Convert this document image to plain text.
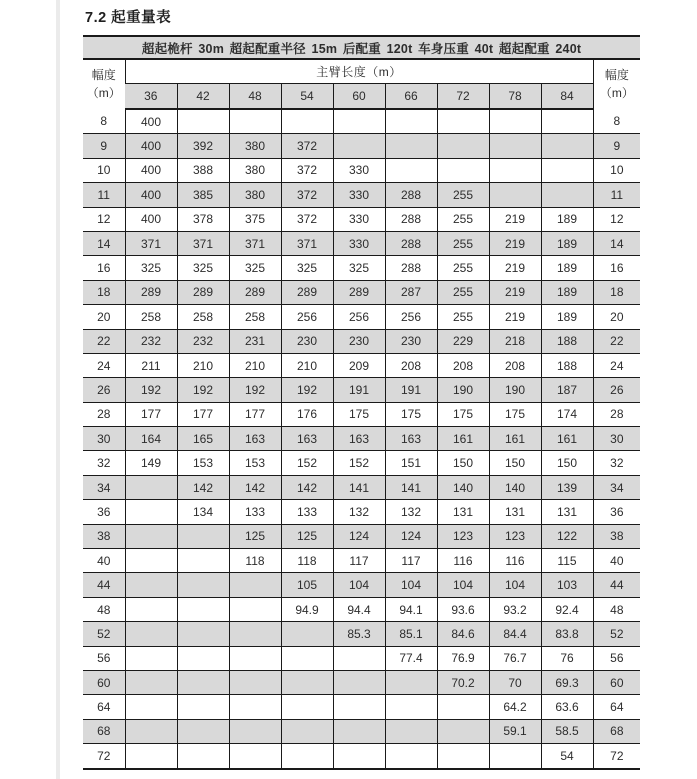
7.2 起重量表
超起桅杆 30m 超起配重半径 15m 后配重 120t 车身压重 40t 超起配重 240t										
幅度
（m）	主臂长度（m）									幅度
（m）
	36	42	48	54	60	66	72	78	84	
8	400									8
9	400	392	380	372						9
10	400	388	380	372	330					10
11	400	385	380	372	330	288	255			11
12	400	378	375	372	330	288	255	219	189	12
14	371	371	371	371	330	288	255	219	189	14
16	325	325	325	325	325	288	255	219	189	16
18	289	289	289	289	289	287	255	219	189	18
20	258	258	258	256	256	256	255	219	189	20
22	232	232	231	230	230	230	229	218	188	22
24	211	210	210	210	209	208	208	208	188	24
26	192	192	192	192	191	191	190	190	187	26
28	177	177	177	176	175	175	175	175	174	28
30	164	165	163	163	163	163	161	161	161	30
32	149	153	153	152	152	151	150	150	150	32
34		142	142	142	141	141	140	140	139	34
36		134	133	133	132	132	131	131	131	36
38			125	125	124	124	123	123	122	38
40			118	118	117	117	116	116	115	40
44				105	104	104	104	104	103	44
48				94.9	94.4	94.1	93.6	93.2	92.4	48
52					85.3	85.1	84.6	84.4	83.8	52
56						77.4	76.9	76.7	76	56
60							70.2	70	69.3	60
64								64.2	63.6	64
68								59.1	58.5	68
72									54	72
